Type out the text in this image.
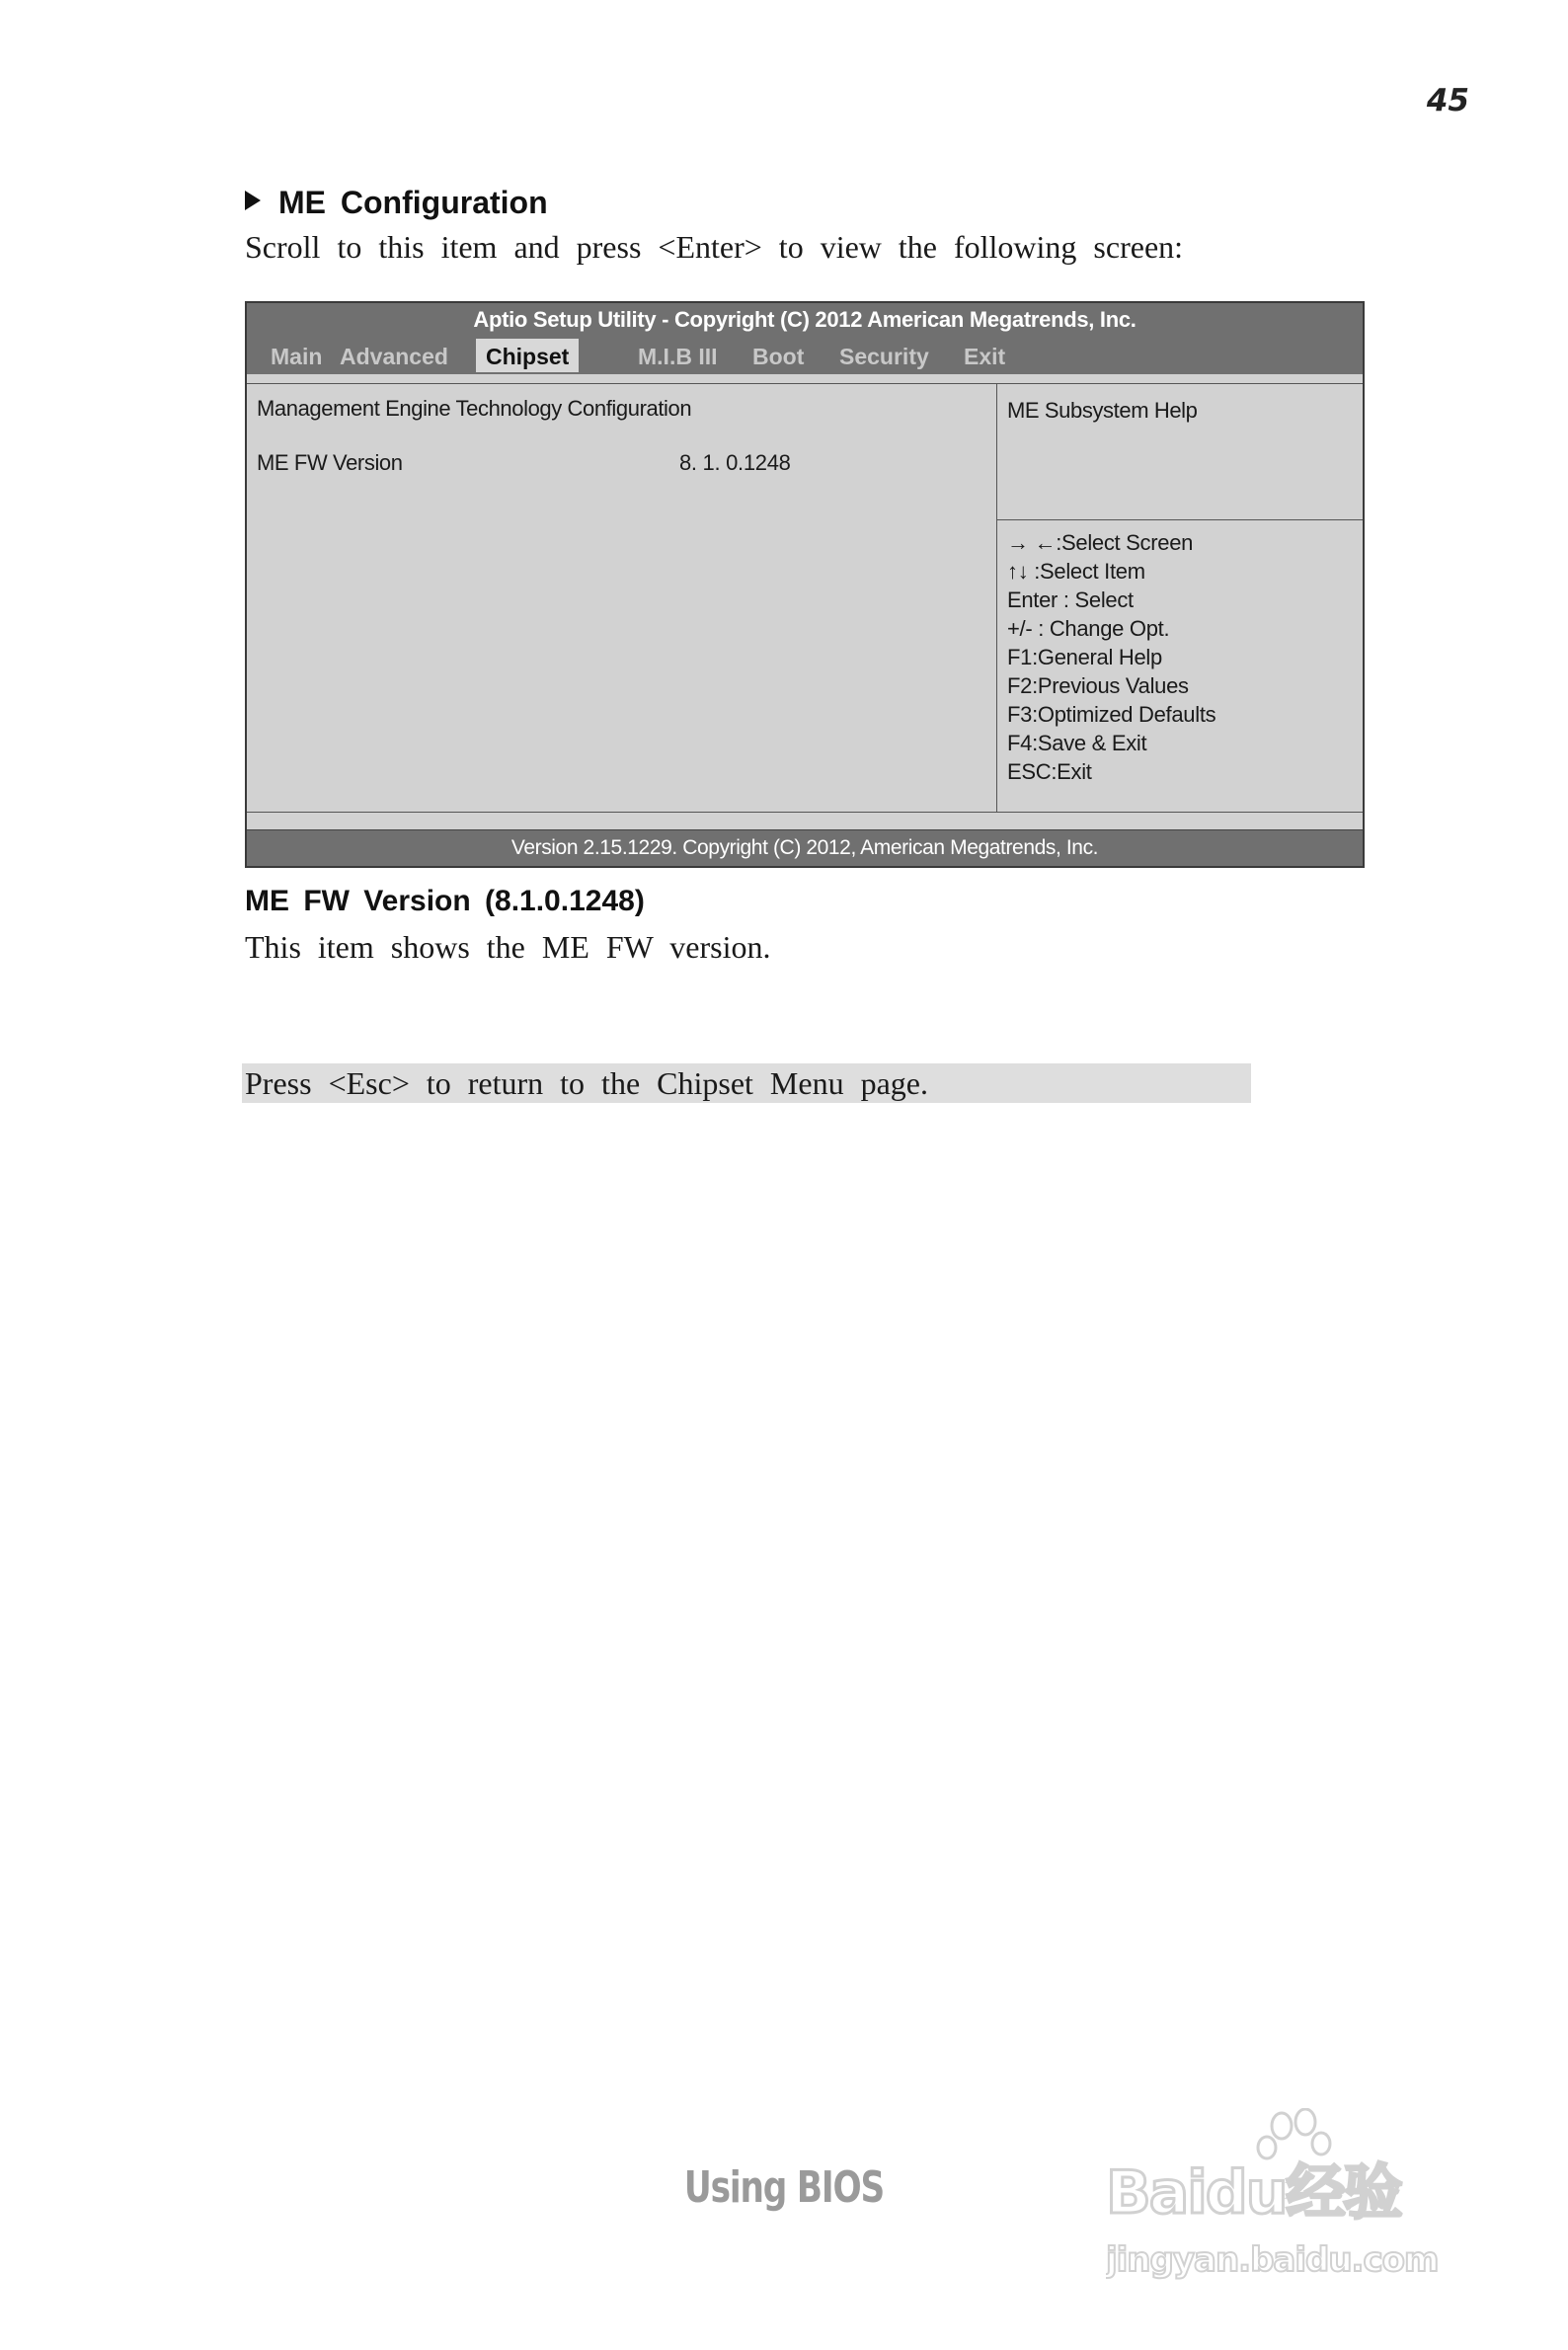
45
ME Configuration
Scroll to this item and press <Enter> to view the following screen:
Aptio Setup Utility - Copyright (C) 2012 American Megatrends, Inc.
Main Advanced	Chipset	M.I.B III Boot Security Exit
Management Engine Technology Configuration
ME FW Version	8. 1. 0.1248
ME Subsystem Help
→ ←:Select Screen
↑↓ :Select Item
Enter : Select
+/- : Change Opt.
F1:General Help
F2:Previous Values
F3:Optimized Defaults
F4:Save & Exit
ESC:Exit
Version 2.15.1229. Copyright (C) 2012, American Megatrends, Inc.
ME FW Version (8.1.0.1248)
This item shows the ME FW version.
Press <Esc> to return to the Chipset Menu page.
Using BIOS	Baidu经验
jingyan.baidu.com
